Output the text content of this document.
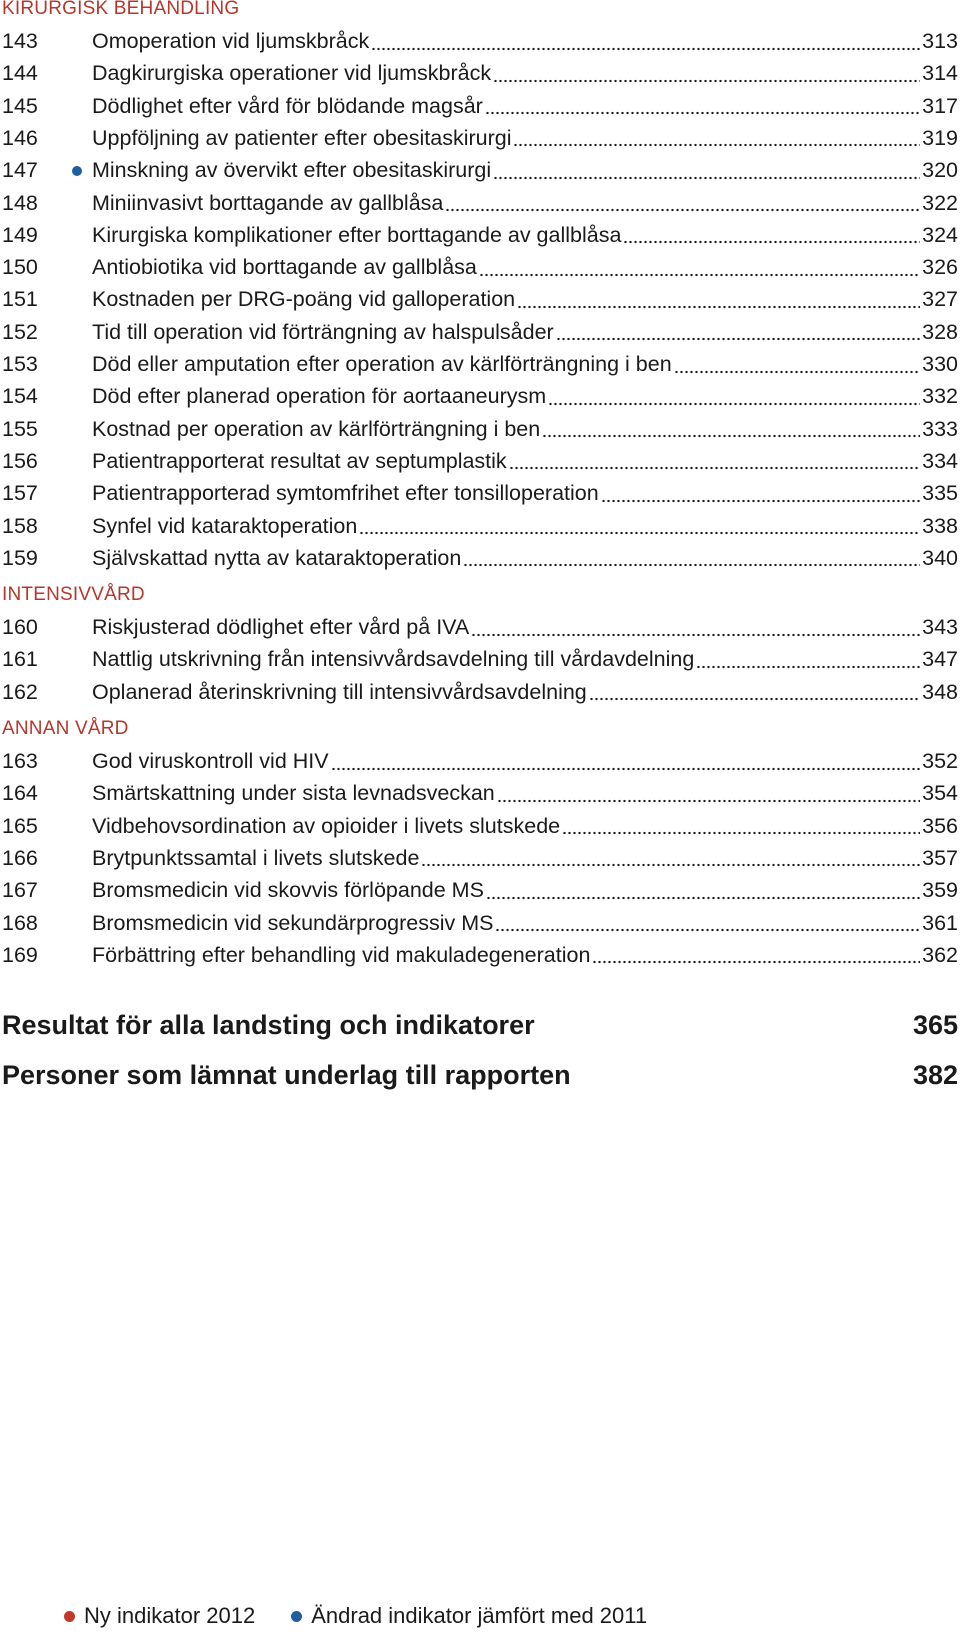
KIRURGISK BEHANDLING
143	Omoperation vid ljumskbråck	313
144	Dagkirurgiska operationer vid ljumskbråck	314
145	Dödlighet efter vård för blödande magsår	317
146	Uppföljning av patienter efter obesitaskirurgi	319
147	Minskning av övervikt efter obesitaskirurgi	320
148	Miniinvasivt borttagande av gallblåsa	322
149	Kirurgiska komplikationer efter borttagande av gallblåsa	324
150	Antiobiotika vid borttagande av gallblåsa	326
151	Kostnaden per DRG-poäng vid galloperation	327
152	Tid till operation vid förträngning av halspulsåder	328
153	Död eller amputation efter operation av kärlförträngning i ben	330
154	Död efter planerad operation för aortaaneurysm	332
155	Kostnad per operation av kärlförträngning i ben	333
156	Patientrapporterat resultat av septumplastik	334
157	Patientrapporterad symtomfrihet efter tonsilloperation	335
158	Synfel vid kataraktoperation	338
159	Självskattad nytta av kataraktoperation	340
INTENSIVVÅRD
160	Riskjusterad dödlighet efter vård på IVA	343
161	Nattlig utskrivning från intensivvårdsavdelning till vårdavdelning	347
162	Oplanerad återinskrivning till intensivvårdsavdelning	348
ANNAN VÅRD
163	God viruskontroll vid HIV	352
164	Smärtskattning under sista levnadsveckan	354
165	Vidbehovsordination av opioider i livets slutskede	356
166	Brytpunktssamtal i livets slutskede	357
167	Bromsmedicin vid skovvis förlöpande MS	359
168	Bromsmedicin vid sekundärprogressiv MS	361
169	Förbättring efter behandling vid makuladegeneration	362
Resultat för alla landsting och indikatorer	365
Personer som lämnat underlag till rapporten	382
Ny indikator 2012	Ändrad indikator jämfört med 2011
